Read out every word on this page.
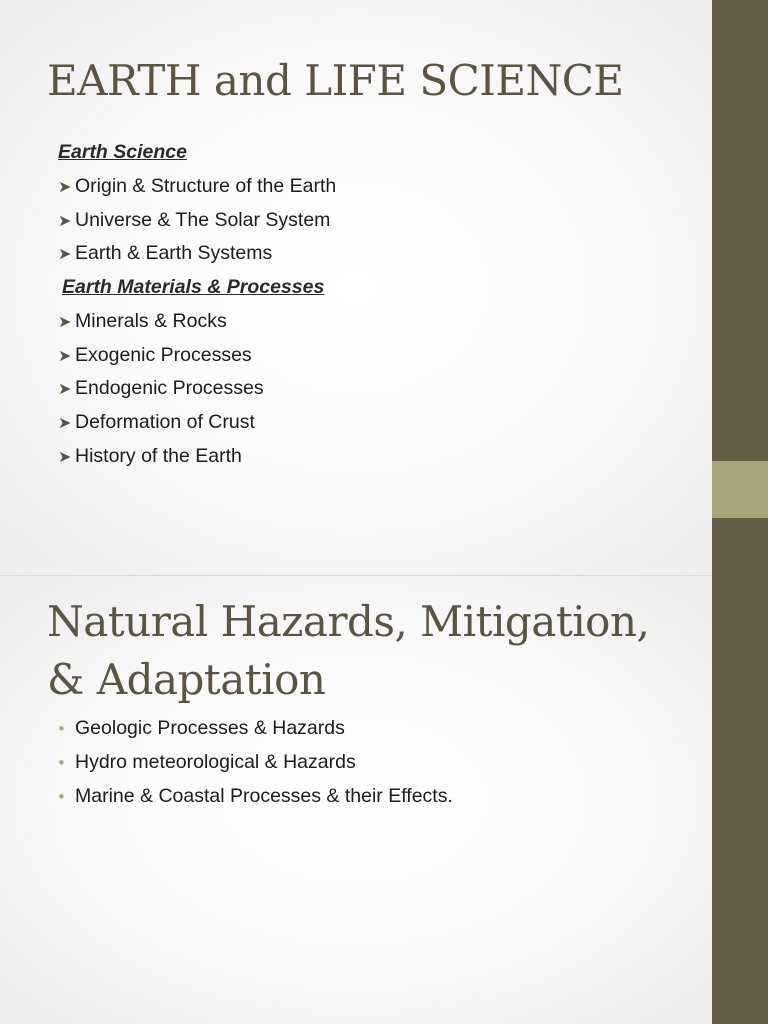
EARTH and LIFE SCIENCE
Earth Science
➤ Origin & Structure of the Earth
➤ Universe & The Solar System
➤ Earth & Earth Systems
Earth Materials & Processes
➤ Minerals & Rocks
➤ Exogenic Processes
➤ Endogenic Processes
➤ Deformation of Crust
➤ History of the Earth
Natural Hazards, Mitigation, & Adaptation
• Geologic Processes & Hazards
• Hydro meteorological & Hazards
• Marine & Coastal Processes & their Effects.
